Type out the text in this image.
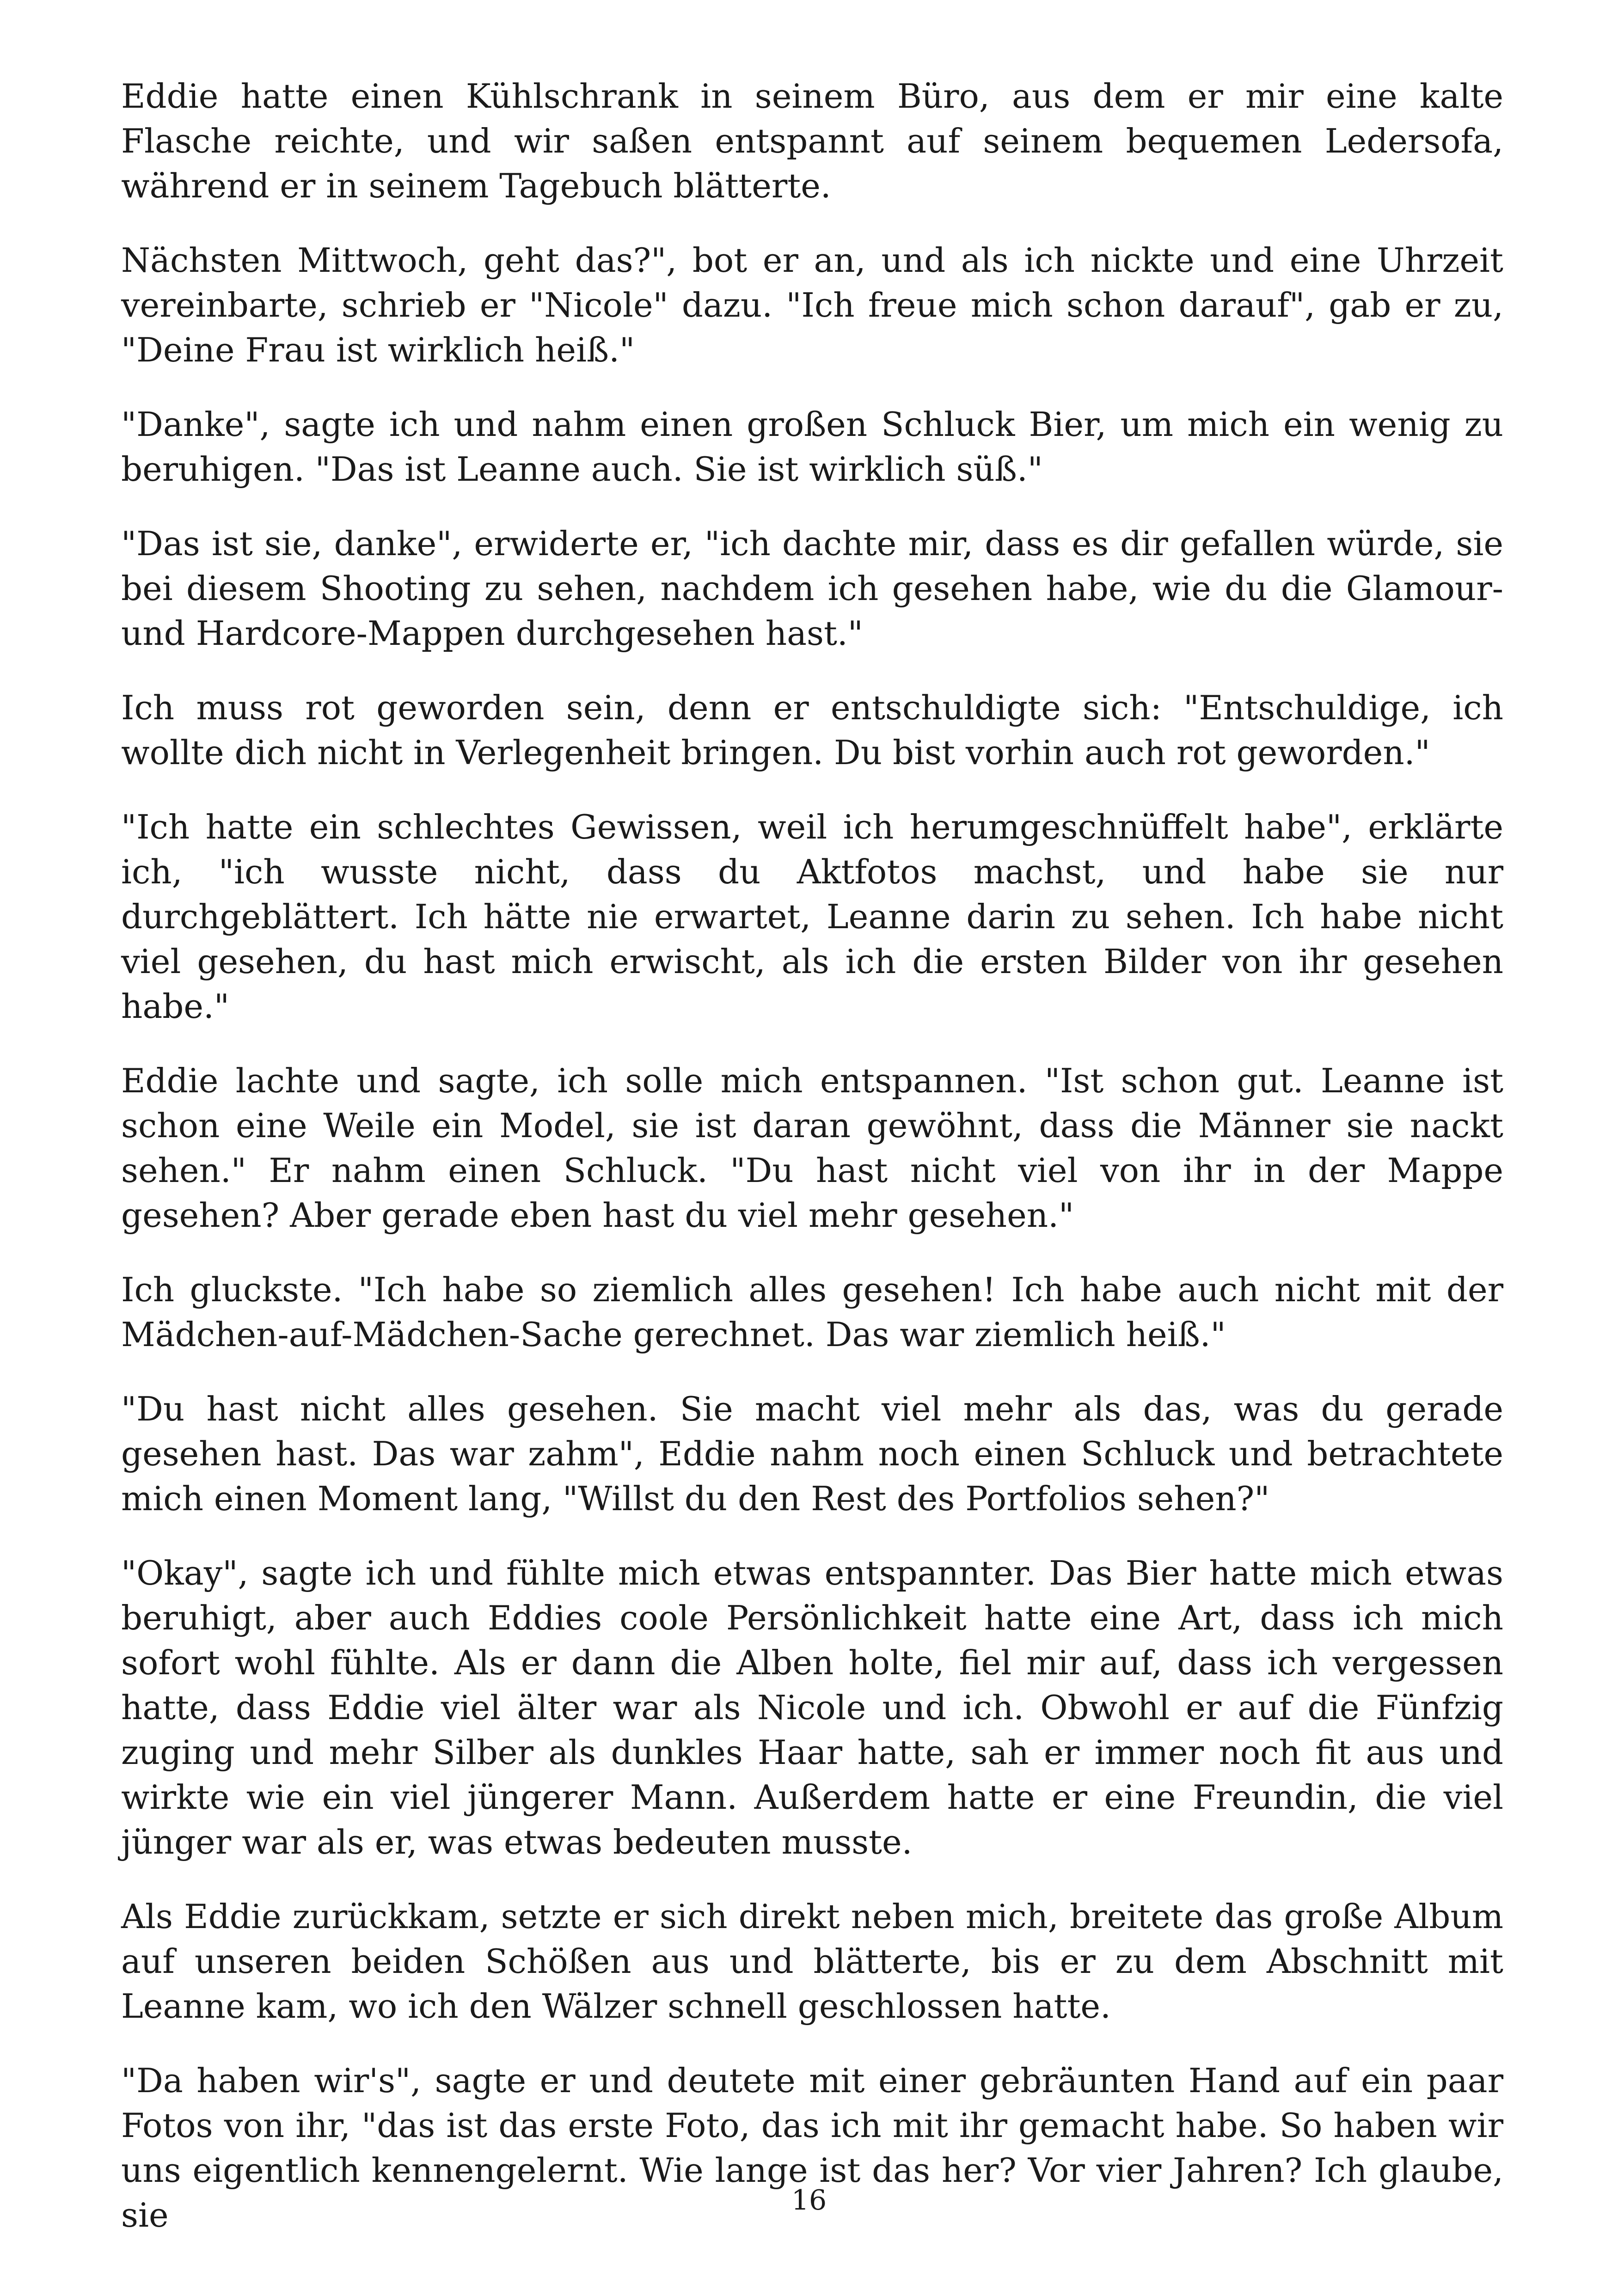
Eddie hatte einen Kühlschrank in seinem Büro, aus dem er mir eine kalte Flasche reichte, und wir saßen entspannt auf seinem bequemen Ledersofa, während er in seinem Tagebuch blätterte.

Nächsten Mittwoch, geht das?", bot er an, und als ich nickte und eine Uhrzeit vereinbarte, schrieb er "Nicole" dazu. "Ich freue mich schon darauf", gab er zu, "Deine Frau ist wirklich heiß."

"Danke", sagte ich und nahm einen großen Schluck Bier, um mich ein wenig zu beruhigen. "Das ist Leanne auch. Sie ist wirklich süß."

"Das ist sie, danke", erwiderte er, "ich dachte mir, dass es dir gefallen würde, sie bei diesem Shooting zu sehen, nachdem ich gesehen habe, wie du die Glamour- und Hardcore-Mappen durchgesehen hast."

Ich muss rot geworden sein, denn er entschuldigte sich: "Entschuldige, ich wollte dich nicht in Verlegenheit bringen. Du bist vorhin auch rot geworden."

"Ich hatte ein schlechtes Gewissen, weil ich herumgeschnüffelt habe", erklärte ich, "ich wusste nicht, dass du Aktfotos machst, und habe sie nur durchgeblättert. Ich hätte nie erwartet, Leanne darin zu sehen. Ich habe nicht viel gesehen, du hast mich erwischt, als ich die ersten Bilder von ihr gesehen habe."

Eddie lachte und sagte, ich solle mich entspannen. "Ist schon gut. Leanne ist schon eine Weile ein Model, sie ist daran gewöhnt, dass die Männer sie nackt sehen." Er nahm einen Schluck. "Du hast nicht viel von ihr in der Mappe gesehen? Aber gerade eben hast du viel mehr gesehen."

Ich gluckste. "Ich habe so ziemlich alles gesehen! Ich habe auch nicht mit der Mädchen-auf-Mädchen-Sache gerechnet. Das war ziemlich heiß."

"Du hast nicht alles gesehen. Sie macht viel mehr als das, was du gerade gesehen hast. Das war zahm", Eddie nahm noch einen Schluck und betrachtete mich einen Moment lang, "Willst du den Rest des Portfolios sehen?"

"Okay", sagte ich und fühlte mich etwas entspannter. Das Bier hatte mich etwas beruhigt, aber auch Eddies coole Persönlichkeit hatte eine Art, dass ich mich sofort wohl fühlte. Als er dann die Alben holte, fiel mir auf, dass ich vergessen hatte, dass Eddie viel älter war als Nicole und ich. Obwohl er auf die Fünfzig zuging und mehr Silber als dunkles Haar hatte, sah er immer noch fit aus und wirkte wie ein viel jüngerer Mann. Außerdem hatte er eine Freundin, die viel jünger war als er, was etwas bedeuten musste.

Als Eddie zurückkam, setzte er sich direkt neben mich, breitete das große Album auf unseren beiden Schößen aus und blätterte, bis er zu dem Abschnitt mit Leanne kam, wo ich den Wälzer schnell geschlossen hatte.

"Da haben wir's", sagte er und deutete mit einer gebräunten Hand auf ein paar Fotos von ihr, "das ist das erste Foto, das ich mit ihr gemacht habe. So haben wir uns eigentlich kennengelernt. Wie lange ist das her? Vor vier Jahren? Ich glaube, sie	16
